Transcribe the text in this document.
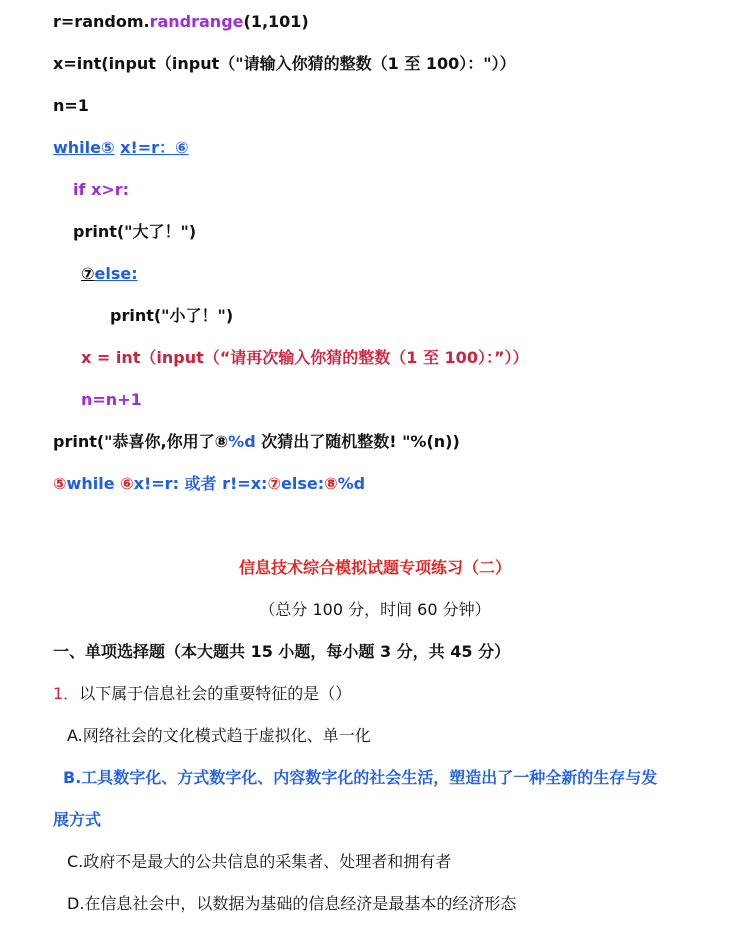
r=random.randrange(1,101)
x=int(input（input（"请输入你猜的整数（1 至 100）："））
n=1
while⑤ x!=r：⑥
if x>r:
print("大了！")
⑦else:
print("小了！")
x = int（input（“请再次输入你猜的整数（1 至 100）：”））
n=n+1
print("恭喜你,你用了⑧%d 次猜出了随机整数! "%(n))
⑤while ⑥x!=r: 或者 r!=x:⑦else:⑧%d
信息技术综合模拟试题专项练习（二）
（总分 100 分，时间 60 分钟）
一、单项选择题（本大题共 15 小题，每小题 3 分，共 45 分）
1．以下属于信息社会的重要特征的是（）
A.网络社会的文化模式趋于虚拟化、单一化
B.工具数字化、方式数字化、内容数字化的社会生活，塑造出了一种全新的生存与发
展方式
C.政府不是最大的公共信息的采集者、处理者和拥有者
D.在信息社会中，以数据为基础的信息经济是最基本的经济形态
